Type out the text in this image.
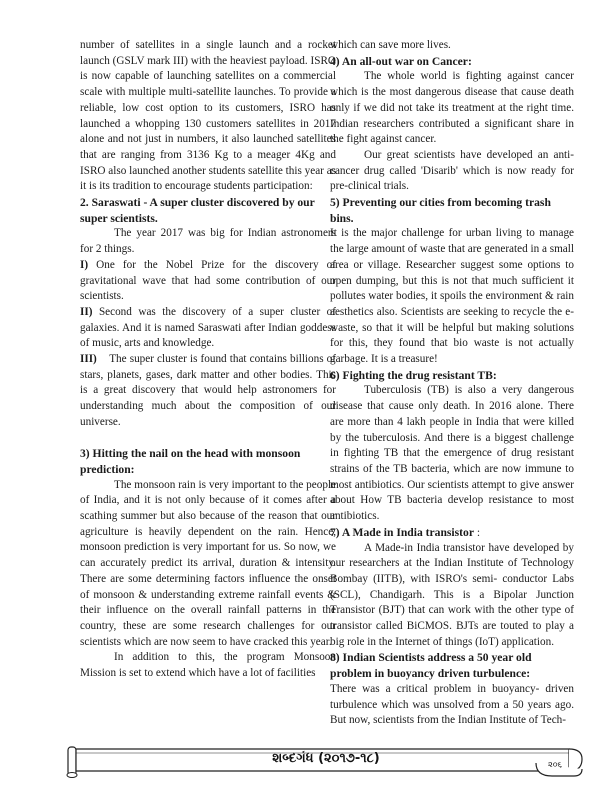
number of satellites in a single launch and a rocket launch (GSLV mark III) with the heaviest payload. ISRO is now capable of launching satellites on a commercial scale with multiple multi-satellite launches. To provide a reliable, low cost option to its customers, ISRO has launched a whopping 130 customers satellites in 2017 alone and not just in numbers, it also launched satellites that are ranging from 3136 Kg to a meager 4Kg and ISRO also launched another students satellite this year as it is its tradition to encourage students participation:

2. Saraswati - A super cluster discovered by our super scientists.

The year 2017 was big for Indian astronomers for 2 things.

I) One for the Nobel Prize for the discovery of gravitational wave that had some contribution of our scientists.

II) Second was the discovery of a super cluster of galaxies. And it is named Saraswati after Indian goddess of music, arts and knowledge.

III) The super cluster is found that contains billions of stars, planets, gases, dark matter and other bodies. This is a great discovery that would help astronomers for understanding much about the composition of our universe.

3) Hitting the nail on the head with monsoon prediction:

The monsoon rain is very important to the people of India, and it is not only because of it comes after a scathing summer but also because of the reason that our agriculture is heavily dependent on the rain. Hence, monsoon prediction is very important for us. So now, we can accurately predict its arrival, duration & intensity. There are some determining factors influence the onset of monsoon & understanding extreme rainfall events & their influence on the overall rainfall patterns in the country, these are some research challenges for our scientists which are now seem to have cracked this year.

In addition to this, the program Monsoon Mission is set to extend which have a lot of facilities

which can save more lives.

4) An all-out war on Cancer:

The whole world is fighting against cancer which is the most dangerous disease that cause death only if we did not take its treatment at the right time. Indian researchers contributed a significant share in the fight against cancer.

Our great scientists have developed an anti-cancer drug called 'Disarib' which is now ready for pre-clinical trials.

5) Preventing our cities from becoming trash bins.

It is the major challenge for urban living to manage the large amount of waste that are generated in a small area or village. Researcher suggest some options to open dumping, but this is not that much sufficient it pollutes water bodies, it spoils the environment & rain aesthetics also. Scientists are seeking to recycle the e-waste, so that it will be helpful but making solutions for this, they found that bio waste is not actually garbage. It is a treasure!

6) Fighting the drug resistant TB:

Tuberculosis (TB) is also a very dangerous disease that cause only death. In 2016 alone. There are more than 4 lakh people in India that were killed by the tuberculosis. And there is a biggest challenge in fighting TB that the emergence of drug resistant strains of the TB bacteria, which are now immune to most antibiotics. Our scientists attempt to give answer about How TB bacteria develop resistance to most antibiotics.

7) A Made in India transistor :

A Made-in India transistor have developed by our researchers at the Indian Institute of Technology Bombay (IITB), with ISRO's semi- conductor Labs (SCL), Chandigarh. This is a Bipolar Junction Transistor (BJT) that can work with the other type of transistor called BiCMOS. BJTs are touted to play a big role in the Internet of things (IoT) application.

8) Indian Scientists address a 50 year old problem in buoyancy driven turbulence:

There was a critical problem in buoyancy- driven turbulence which was unsolved from a 50 years ago. But now, scientists from the Indian Institute of Tech-

શબ્દગંધ (૨૦૧૭-૧૮)	૨૦૬
